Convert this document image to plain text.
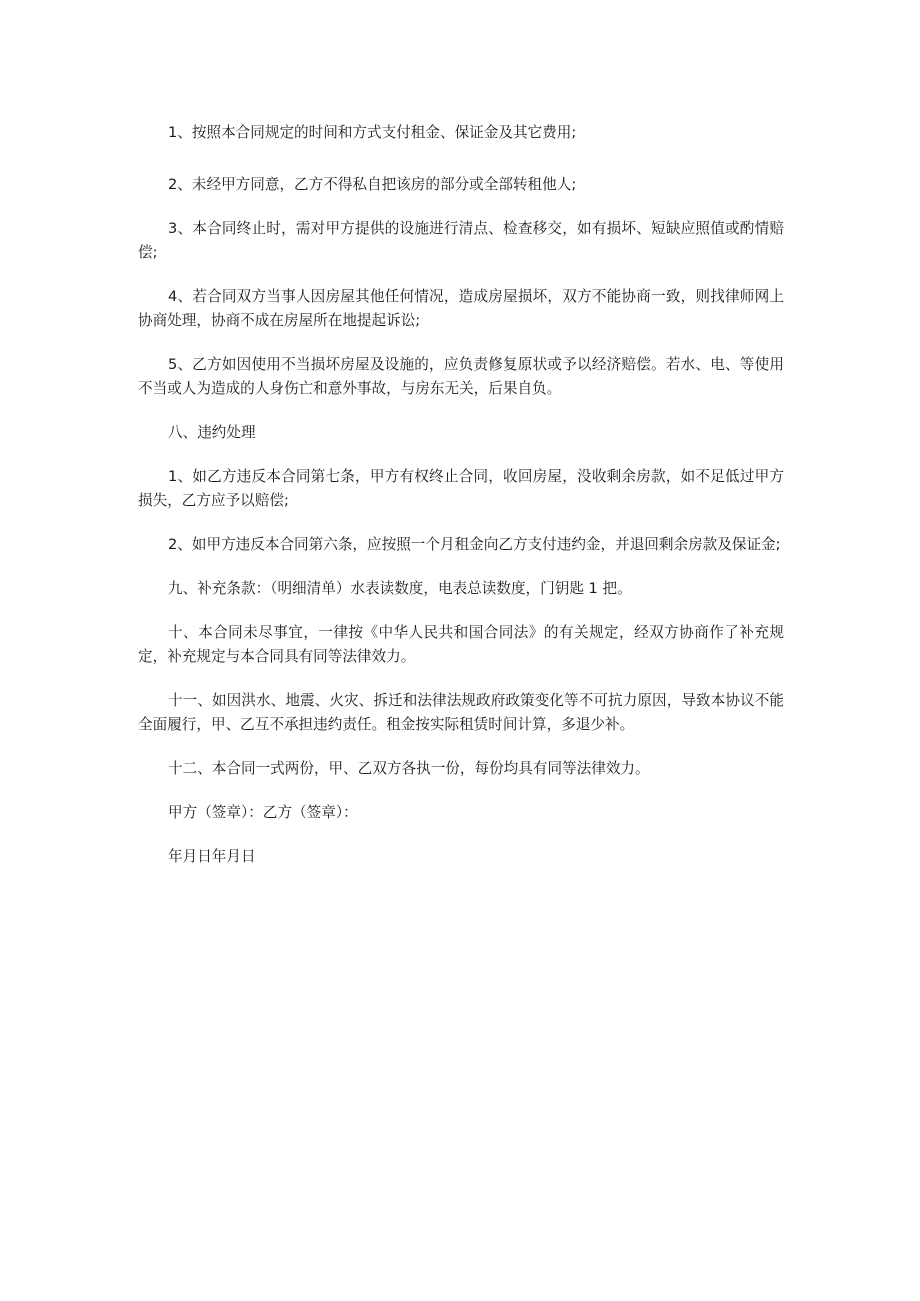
1、按照本合同规定的时间和方式支付租金、保证金及其它费用;

2、未经甲方同意，乙方不得私自把该房的部分或全部转租他人;

3、本合同终止时，需对甲方提供的设施进行清点、检查移交，如有损坏、短缺应照值或酌情赔偿;

4、若合同双方当事人因房屋其他任何情况，造成房屋损坏，双方不能协商一致，则找律师网上协商处理，协商不成在房屋所在地提起诉讼;

5、乙方如因使用不当损坏房屋及设施的，应负责修复原状或予以经济赔偿。若水、电、等使用不当或人为造成的人身伤亡和意外事故，与房东无关，后果自负。

八、违约处理

1、如乙方违反本合同第七条，甲方有权终止合同，收回房屋，没收剩余房款，如不足低过甲方损失，乙方应予以赔偿;

2、如甲方违反本合同第六条，应按照一个月租金向乙方支付违约金，并退回剩余房款及保证金;

九、补充条款：（明细清单）水表读数度，电表总读数度，门钥匙 1 把。

十、本合同未尽事宜，一律按《中华人民共和国合同法》的有关规定，经双方协商作了补充规定，补充规定与本合同具有同等法律效力。

十一、如因洪水、地震、火灾、拆迁和法律法规政府政策变化等不可抗力原因，导致本协议不能全面履行，甲、乙互不承担违约责任。租金按实际租赁时间计算，多退少补。

十二、本合同一式两份，甲、乙双方各执一份，每份均具有同等法律效力。

甲方（签章）：乙方（签章）：

年月日年月日
